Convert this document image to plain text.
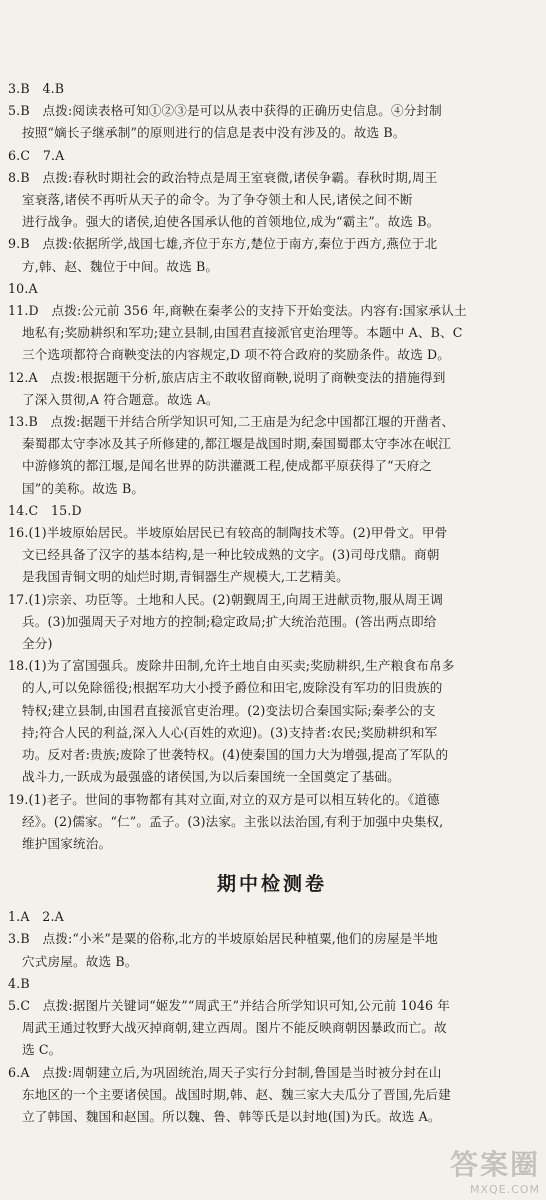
3.B　4.B
5.B　点拨:阅读表格可知①②③是可以从表中获得的正确历史信息。④分封制
按照“嫡长子继承制”的原则进行的信息是表中没有涉及的。故选 B。
6.C　7.A
8.B　点拨:春秋时期社会的政治特点是周王室衰微,诸侯争霸。春秋时期,周王
室衰落,诸侯不再听从天子的命令。为了争夺领土和人民,诸侯之间不断
进行战争。强大的诸侯,迫使各国承认他的首领地位,成为“霸主”。故选 B。
9.B　点拨:依据所学,战国七雄,齐位于东方,楚位于南方,秦位于西方,燕位于北
方,韩、赵、魏位于中间。故选 B。
10.A
11.D　点拨:公元前 356 年,商鞅在秦孝公的支持下开始变法。内容有:国家承认土
地私有;奖励耕织和军功;建立县制,由国君直接派官吏治理等。本题中 A、B、C
三个选项都符合商鞅变法的内容规定,D 项不符合政府的奖励条件。故选 D。
12.A　点拨:根据题干分析,旅店店主不敢收留商鞅,说明了商鞅变法的措施得到
了深入贯彻,A 符合题意。故选 A。
13.B　点拨:据题干并结合所学知识可知,二王庙是为纪念中国都江堰的开凿者、
秦蜀郡太守李冰及其子所修建的,都江堰是战国时期,秦国蜀郡太守李冰在岷江
中游修筑的都江堰,是闻名世界的防洪灌溉工程,使成都平原获得了“天府之
国”的美称。故选 B。
14.C　15.D
16.(1)半坡原始居民。半坡原始居民已有较高的制陶技术等。(2)甲骨文。甲骨
文已经具备了汉字的基本结构,是一种比较成熟的文字。(3)司母戊鼎。商朝
是我国青铜文明的灿烂时期,青铜器生产规模大,工艺精美。
17.(1)宗亲、功臣等。土地和人民。(2)朝觐周王,向周王进献贡物,服从周王调
兵。(3)加强周天子对地方的控制;稳定政局;扩大统治范围。(答出两点即给
全分)
18.(1)为了富国强兵。废除井田制,允许土地自由买卖;奖励耕织,生产粮食布帛多
的人,可以免除徭役;根据军功大小授予爵位和田宅,废除没有军功的旧贵族的
特权;建立县制,由国君直接派官吏治理。(2)变法切合秦国实际;秦孝公的支
持;符合人民的利益,深入人心(百姓的欢迎)。(3)支持者:农民;奖励耕织和军
功。反对者:贵族;废除了世袭特权。(4)使秦国的国力大为增强,提高了军队的
战斗力,一跃成为最强盛的诸侯国,为以后秦国统一全国奠定了基础。
19.(1)老子。世间的事物都有其对立面,对立的双方是可以相互转化的。《道德
经》。(2)儒家。“仁”。孟子。(3)法家。主张以法治国,有利于加强中央集权,
维护国家统治。
期中检测卷
1.A　2.A
3.B　点拨:“小米”是粟的俗称,北方的半坡原始居民种植粟,他们的房屋是半地
穴式房屋。故选 B。
4.B
5.C　点拨:据图片关键词“姬发”“周武王”并结合所学知识可知,公元前 1046 年
周武王通过牧野大战灭掉商朝,建立西周。图片不能反映商朝因暴政而亡。故
选 C。
6.A　点拨:周朝建立后,为巩固统治,周天子实行分封制,鲁国是当时被分封在山
东地区的一个主要诸侯国。战国时期,韩、赵、魏三家大夫瓜分了晋国,先后建
立了韩国、魏国和赵国。所以魏、鲁、韩等氏是以封地(国)为氏。故选 A。
答案圈
MXQE.COM
